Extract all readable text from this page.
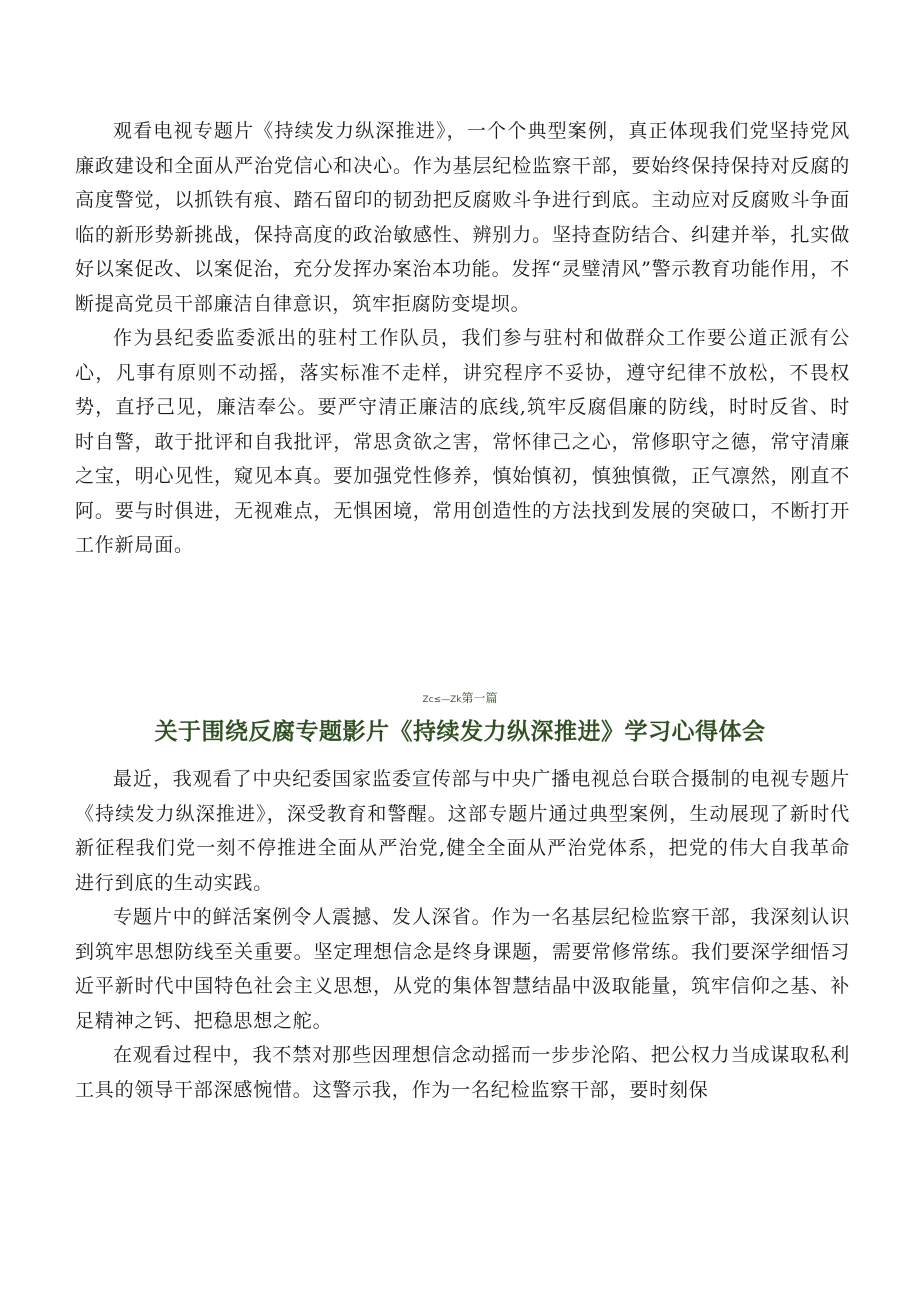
观看电视专题片《持续发力纵深推进》，一个个典型案例，真正体现我们党坚持党风廉政建设和全面从严治党信心和决心。作为基层纪检监察干部，要始终保持保持对反腐的高度警觉，以抓铁有痕、踏石留印的韧劲把反腐败斗争进行到底。主动应对反腐败斗争面临的新形势新挑战，保持高度的政治敏感性、辨别力。坚持查防结合、纠建并举，扎实做好以案促改、以案促治，充分发挥办案治本功能。发挥“灵璧清风”警示教育功能作用，不断提高党员干部廉洁自律意识，筑牢拒腐防变堤坝。

作为县纪委监委派出的驻村工作队员，我们参与驻村和做群众工作要公道正派有公心，凡事有原则不动摇，落实标准不走样，讲究程序不妥协，遵守纪律不放松，不畏权势，直抒己见，廉洁奉公。要严守清正廉洁的底线,筑牢反腐倡廉的防线，时时反省、时时自警，敢于批评和自我批评，常思贪欲之害，常怀律己之心，常修职守之德，常守清廉之宝，明心见性，窥见本真。要加强党性修养，慎始慎初，慎独慎微，正气凛然，刚直不阿。要与时俱进，无视难点，无惧困境，常用创造性的方法找到发展的突破口，不断打开工作新局面。

Zc≤—Zk第一篇
关于围绕反腐专题影片《持续发力纵深推进》学习心得体会

最近，我观看了中央纪委国家监委宣传部与中央广播电视总台联合摄制的电视专题片《持续发力纵深推进》，深受教育和警醒。这部专题片通过典型案例，生动展现了新时代新征程我们党一刻不停推进全面从严治党,健全全面从严治党体系，把党的伟大自我革命进行到底的生动实践。

专题片中的鲜活案例令人震撼、发人深省。作为一名基层纪检监察干部，我深刻认识到筑牢思想防线至关重要。坚定理想信念是终身课题，需要常修常练。我们要深学细悟习近平新时代中国特色社会主义思想，从党的集体智慧结晶中汲取能量，筑牢信仰之基、补足精神之钙、把稳思想之舵。

在观看过程中，我不禁对那些因理想信念动摇而一步步沦陷、把公权力当成谋取私利工具的领导干部深感惋惜。这警示我，作为一名纪检监察干部，要时刻保
